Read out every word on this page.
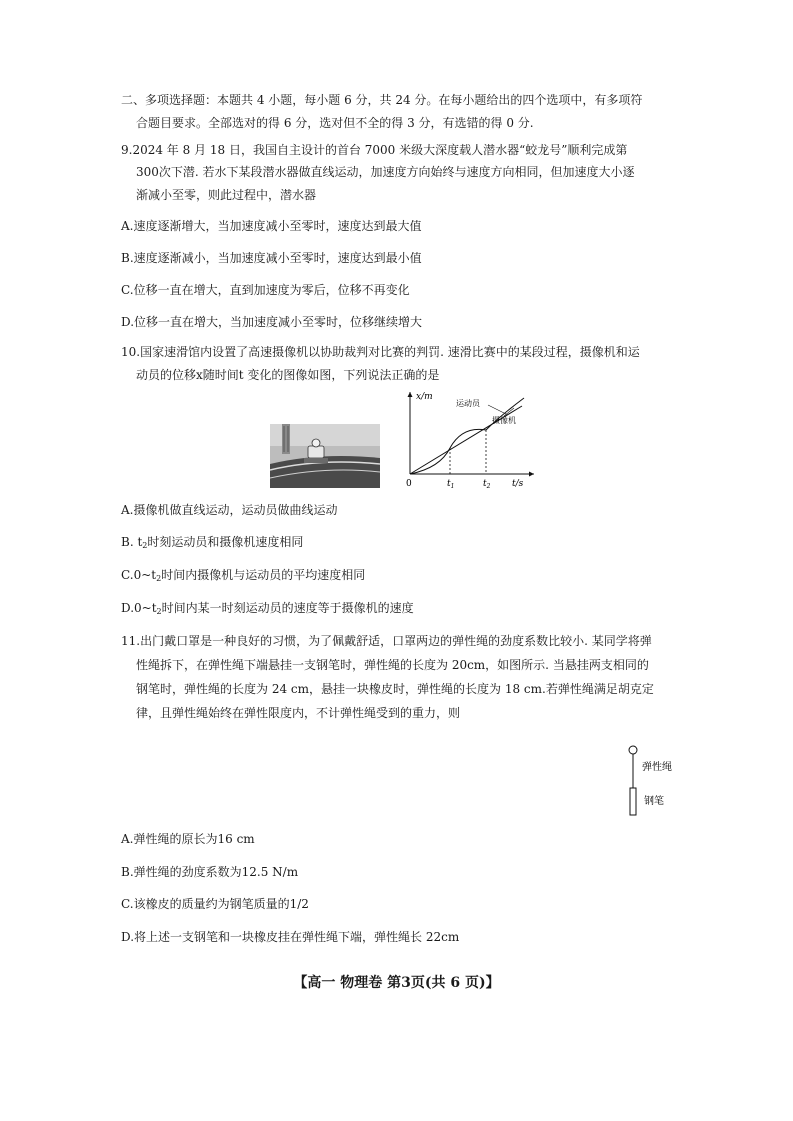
二、多项选择题：本题共 4 小题，每小题 6 分，共 24 分。在每小题给出的四个选项中，有多项符
合题目要求。全部选对的得 6 分，选对但不全的得 3 分，有选错的得 0 分.
9.2024 年 8 月 18 日，我国自主设计的首台 7000 米级大深度载人潜水器“蛟龙号”顺利完成第
300次下潜. 若水下某段潜水器做直线运动，加速度方向始终与速度方向相同，但加速度大小逐
渐减小至零，则此过程中，潜水器
A.速度逐渐增大，当加速度减小至零时，速度达到最大值
B.速度逐渐减小，当加速度减小至零时，速度达到最小值
C.位移一直在增大，直到加速度为零后，位移不再变化
D.位移一直在增大，当加速度减小至零时，位移继续增大
10.国家速滑馆内设置了高速摄像机以协助裁判对比赛的判罚. 速滑比赛中的某段过程，摄像机和运
动员的位移x随时间t 变化的图像如图，下列说法正确的是
x/m
t/s
0	$t_1$	$t_2$
运动员
摄像机
A.摄像机做直线运动，运动员做曲线运动
B. $t_2$时刻运动员和摄像机速度相同
$C.0\sim t_2$时间内摄像机与运动员的平均速度相同
$D.0\sim t_2$时间内某一时刻运动员的速度等于摄像机的速度
11.出门戴口罩是一种良好的习惯，为了佩戴舒适，口罩两边的弹性绳的劲度系数比较小. 某同学将弹
性绳拆下，在弹性绳下端悬挂一支钢笔时，弹性绳的长度为 20cm，如图所示. 当悬挂两支相同的
钢笔时，弹性绳的长度为 24 cm，悬挂一块橡皮时，弹性绳的长度为 18 cm.若弹性绳满足胡克定
律，且弹性绳始终在弹性限度内，不计弹性绳受到的重力，则
弹性绳
钢笔
A.弹性绳的原长为16 cm
B.弹性绳的劲度系数为12.5 N/m
C.该橡皮的质量约为钢笔质量的1/2
D.将上述一支钢笔和一块橡皮挂在弹性绳下端，弹性绳长 22cm
【高一 物理卷 第3页(共 6 页)】
